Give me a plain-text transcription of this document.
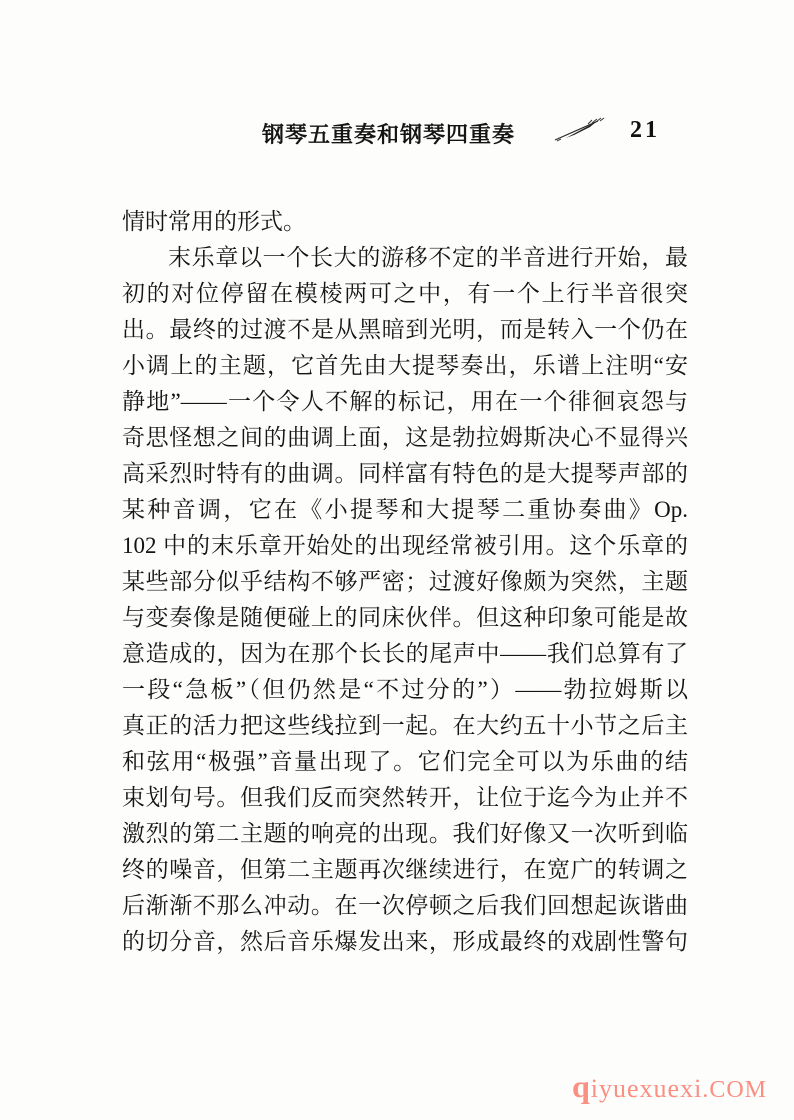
钢琴五重奏和钢琴四重奏	21
情时常用的形式。
末乐章以一个长大的游移不定的半音进行开始，最
初的对位停留在模棱两可之中，有一个上行半音很突
出。最终的过渡不是从黑暗到光明，而是转入一个仍在
小调上的主题，它首先由大提琴奏出，乐谱上注明“安
静地”——一个令人不解的标记，用在一个徘徊哀怨与
奇思怪想之间的曲调上面，这是勃拉姆斯决心不显得兴
高采烈时特有的曲调。同样富有特色的是大提琴声部的
某种音调，它在《小提琴和大提琴二重协奏曲》Op.
102 中的末乐章开始处的出现经常被引用。这个乐章的
某些部分似乎结构不够严密；过渡好像颇为突然，主题
与变奏像是随便碰上的同床伙伴。但这种印象可能是故
意造成的，因为在那个长长的尾声中——我们总算有了
一段“急板”（但仍然是“不过分的”）——勃拉姆斯以
真正的活力把这些线拉到一起。在大约五十小节之后主
和弦用“极强”音量出现了。它们完全可以为乐曲的结
束划句号。但我们反而突然转开，让位于迄今为止并不
激烈的第二主题的响亮的出现。我们好像又一次听到临
终的噪音，但第二主题再次继续进行，在宽广的转调之
后渐渐不那么冲动。在一次停顿之后我们回想起诙谐曲
的切分音，然后音乐爆发出来，形成最终的戏剧性警句
qiyuexuexi.COM
